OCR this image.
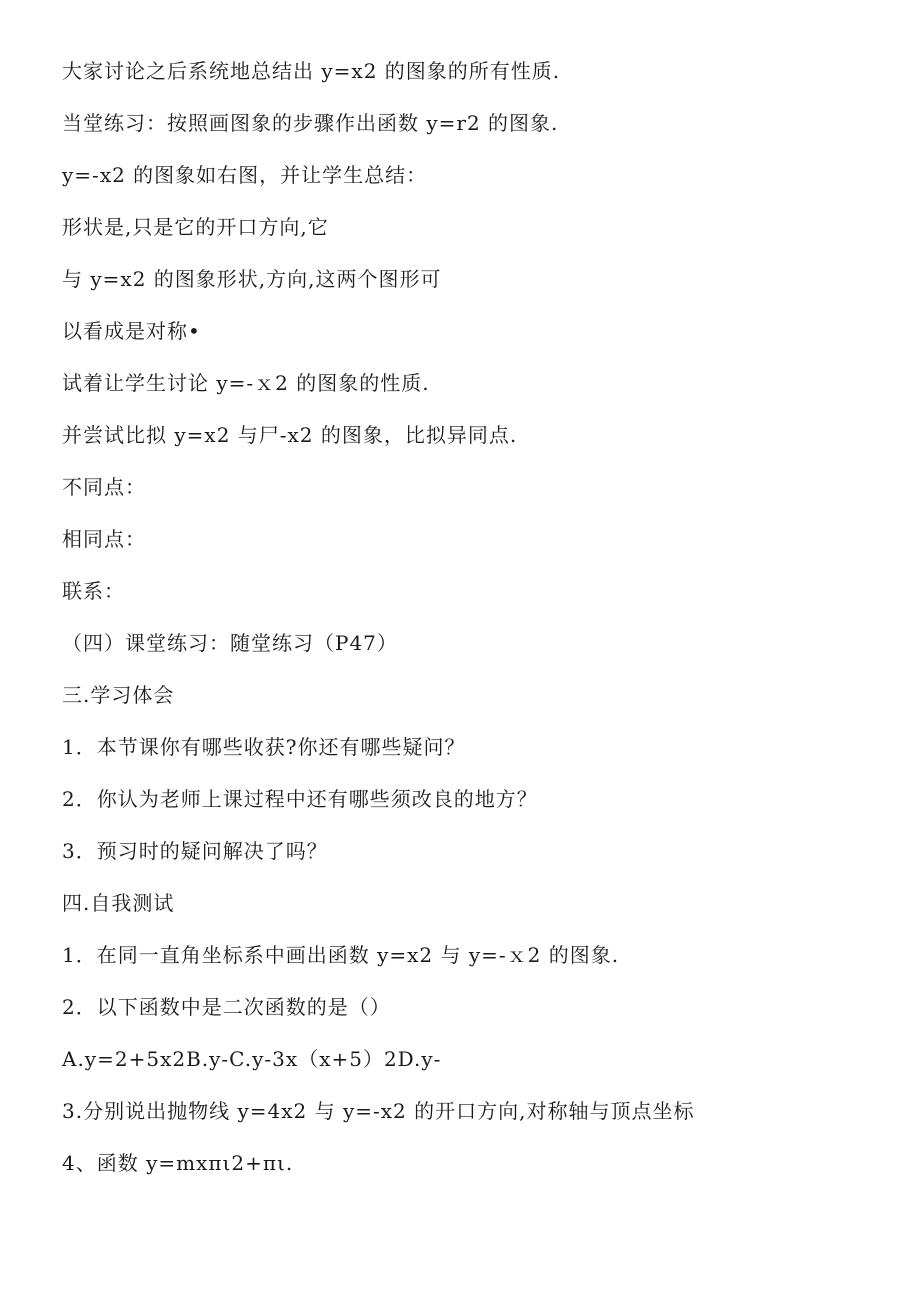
大家讨论之后系统地总结出 y=x2 的图象的所有性质.
当堂练习：按照画图象的步骤作出函数 y=r2 的图象.
y=-x2 的图象如右图，并让学生总结：
形状是,只是它的开口方向,它
与 y=x2 的图象形状,方向,这两个图形可
以看成是对称•
试着让学生讨论 y=-ｘ2 的图象的性质.
并尝试比拟 y=x2 与尸-x2 的图象，比拟异同点.
不同点：
相同点：
联系：
（四）课堂练习：随堂练习（P47）
三.学习体会
1．本节课你有哪些收获?你还有哪些疑问？
2．你认为老师上课过程中还有哪些须改良的地方？
3．预习时的疑问解决了吗？
四.自我测试
1．在同一直角坐标系中画出函数 y=x2 与 y=-ｘ2 的图象.
2．以下函数中是二次函数的是（）
A.y=2+5x2B.y-C.y-3x（x+5）2D.y-
3.分别说出抛物线 y=4x2 与 y=-x2 的开口方向,对称轴与顶点坐标
4、函数 y=mxπι2+πι.
